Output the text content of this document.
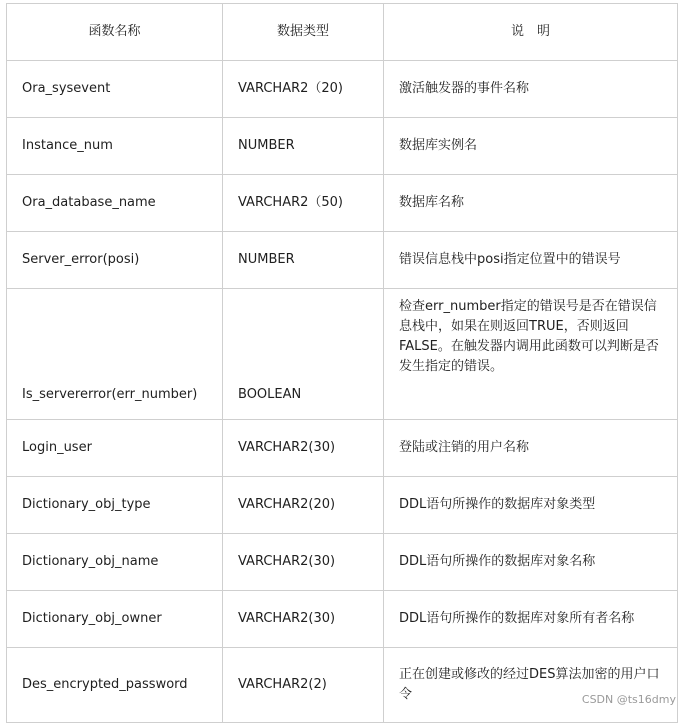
函数名称	数据类型	说　明
Ora_sysevent	VARCHAR2（20)	激活触发器的事件名称
Instance_num	NUMBER	数据库实例名
Ora_database_name	VARCHAR2（50)	数据库名称
Server_error(posi)	NUMBER	错误信息栈中posi指定位置中的错误号
Is_servererror(err_number)	BOOLEAN	检查err_number指定的错误号是否在错误信息栈中，如果在则返回TRUE，否则返回FALSE。在触发器内调用此函数可以判断是否发生指定的错误。
Login_user	VARCHAR2(30)	登陆或注销的用户名称
Dictionary_obj_type	VARCHAR2(20)	DDL语句所操作的数据库对象类型
Dictionary_obj_name	VARCHAR2(30)	DDL语句所操作的数据库对象名称
Dictionary_obj_owner	VARCHAR2(30)	DDL语句所操作的数据库对象所有者名称
Des_encrypted_password	VARCHAR2(2)	正在创建或修改的经过DES算法加密的用户口令	CSDN @ts16dmy
